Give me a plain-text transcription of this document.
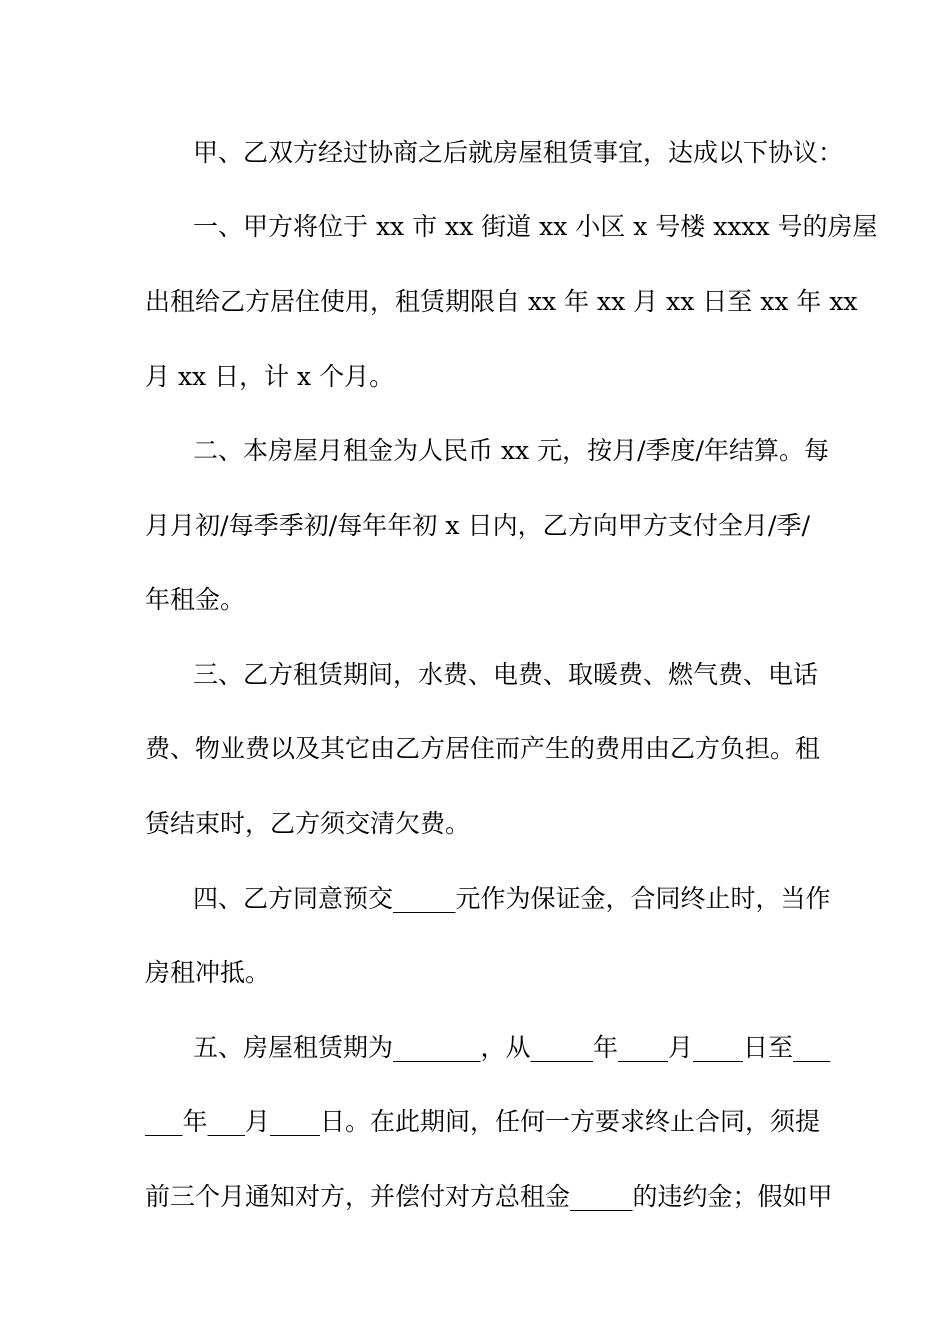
甲、乙双方经过协商之后就房屋租赁事宜，达成以下协议：
一、甲方将位于 xx 市 xx 街道 xx 小区 x 号楼 xxxx 号的房屋
出租给乙方居住使用，租赁期限自 xx 年 xx 月 xx 日至 xx 年 xx
月 xx 日，计 x 个月。
二、本房屋月租金为人民币 xx 元，按月/季度/年结算。每
月月初/每季季初/每年年初 x 日内，乙方向甲方支付全月/季/
年租金。
三、乙方租赁期间，水费、电费、取暖费、燃气费、电话
费、物业费以及其它由乙方居住而产生的费用由乙方负担。租
赁结束时，乙方须交清欠费。
四、乙方同意预交_____元作为保证金，合同终止时，当作
房租冲抵。
五、房屋租赁期为_______，从_____年____月____日至___
___年___月____日。在此期间，任何一方要求终止合同，须提
前三个月通知对方，并偿付对方总租金_____的违约金；假如甲
